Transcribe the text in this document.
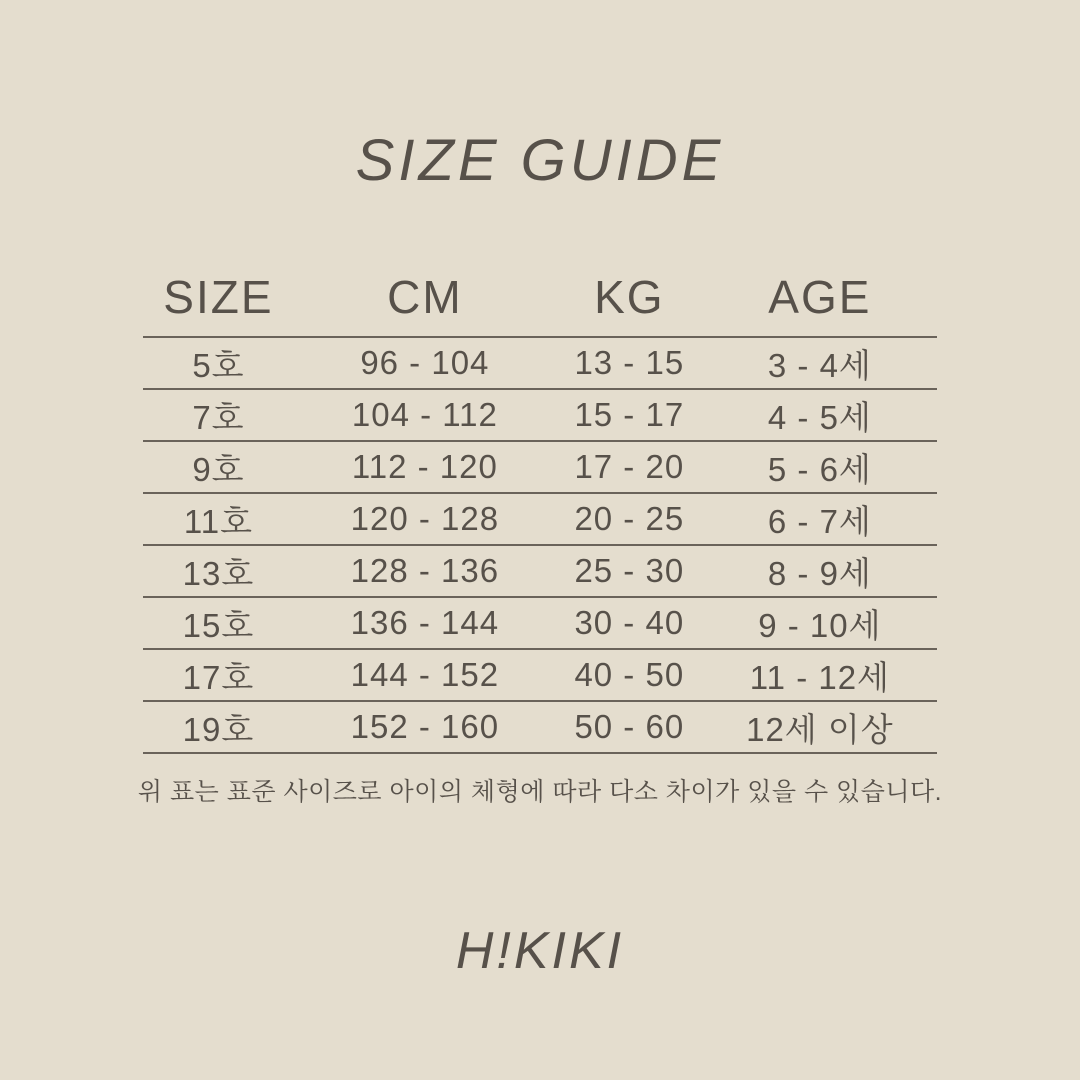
SIZE GUIDE
SIZE	CM	KG	AGE
5호	96 - 104	13 - 15	3 - 4세
7호	104 - 112	15 - 17	4 - 5세
9호	112 - 120	17 - 20	5 - 6세
11호	120 - 128	20 - 25	6 - 7세
13호	128 - 136	25 - 30	8 - 9세
15호	136 - 144	30 - 40	9 - 10세
17호	144 - 152	40 - 50	11 - 12세
19호	152 - 160	50 - 60	12세 이상

위 표는 표준 사이즈로 아이의 체형에 따라 다소 차이가 있을 수 있습니다.

H!KIKI
